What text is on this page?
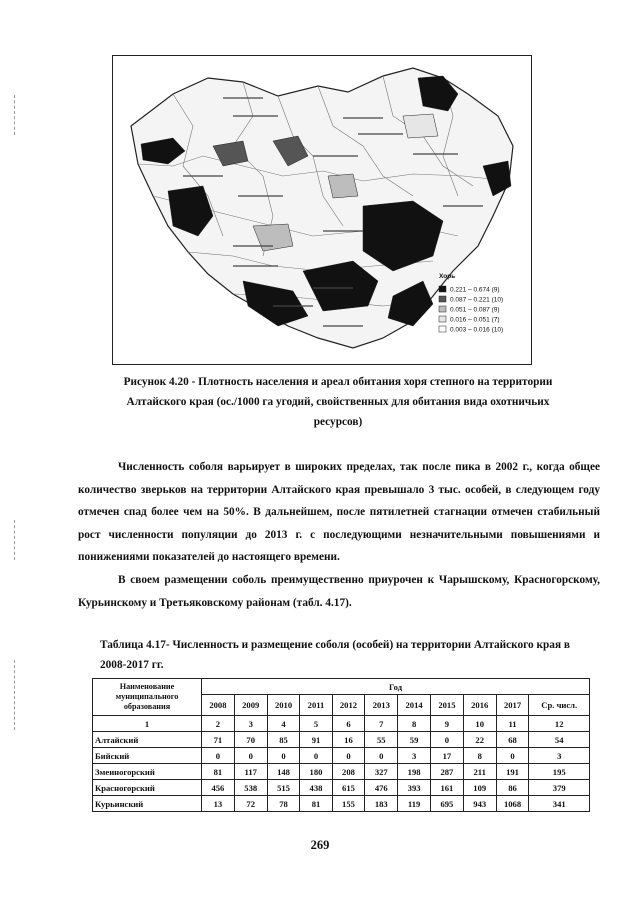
Хорь
0.221 – 0.674 (9)
0.087 – 0.221 (10)
0.051 – 0.087 (9)
0.016 – 0.051 (7)
0.003 – 0.016 (10)
Рисунок 4.20 - Плотность населения и ареал обитания хоря степного на территории
Алтайского края (ос./1000 га угодий, свойственных для обитания вида охотничьих
ресурсов)

Численность соболя варьирует в широких пределах, так после пика в 2002 г., когда общее количество зверьков на территории Алтайского края превышало 3 тыс. особей, в следующем году отмечен спад более чем на 50%. В дальнейшем, после пятилетней стагнации отмечен стабильный рост численности популяции до 2013 г. с последующими незначительными повышениями и понижениями показателей до настоящего времени.

В своем размещении соболь преимущественно приурочен к Чарышскому, Красногорскому, Курьинскому и Третьяковскому районам (табл. 4.17).

Таблица 4.17- Численность и размещение соболя (особей) на территории Алтайского края в 2008-2017 гг.
Наименование муниципального образования	Год										
	2008	2009	2010	2011	2012	2013	2014	2015	2016	2017	Ср. числ.
1	2	3	4	5	6	7	8	9	10	11	12
Алтайский	71	70	85	91	16	55	59	0	22	68	54
Бийский	0	0	0	0	0	0	3	17	8	0	3
Змеиногорский	81	117	148	180	208	327	198	287	211	191	195
Красногорский	456	538	515	438	615	476	393	161	109	86	379
Курьинский	13	72	78	81	155	183	119	695	943	1068	341
269
